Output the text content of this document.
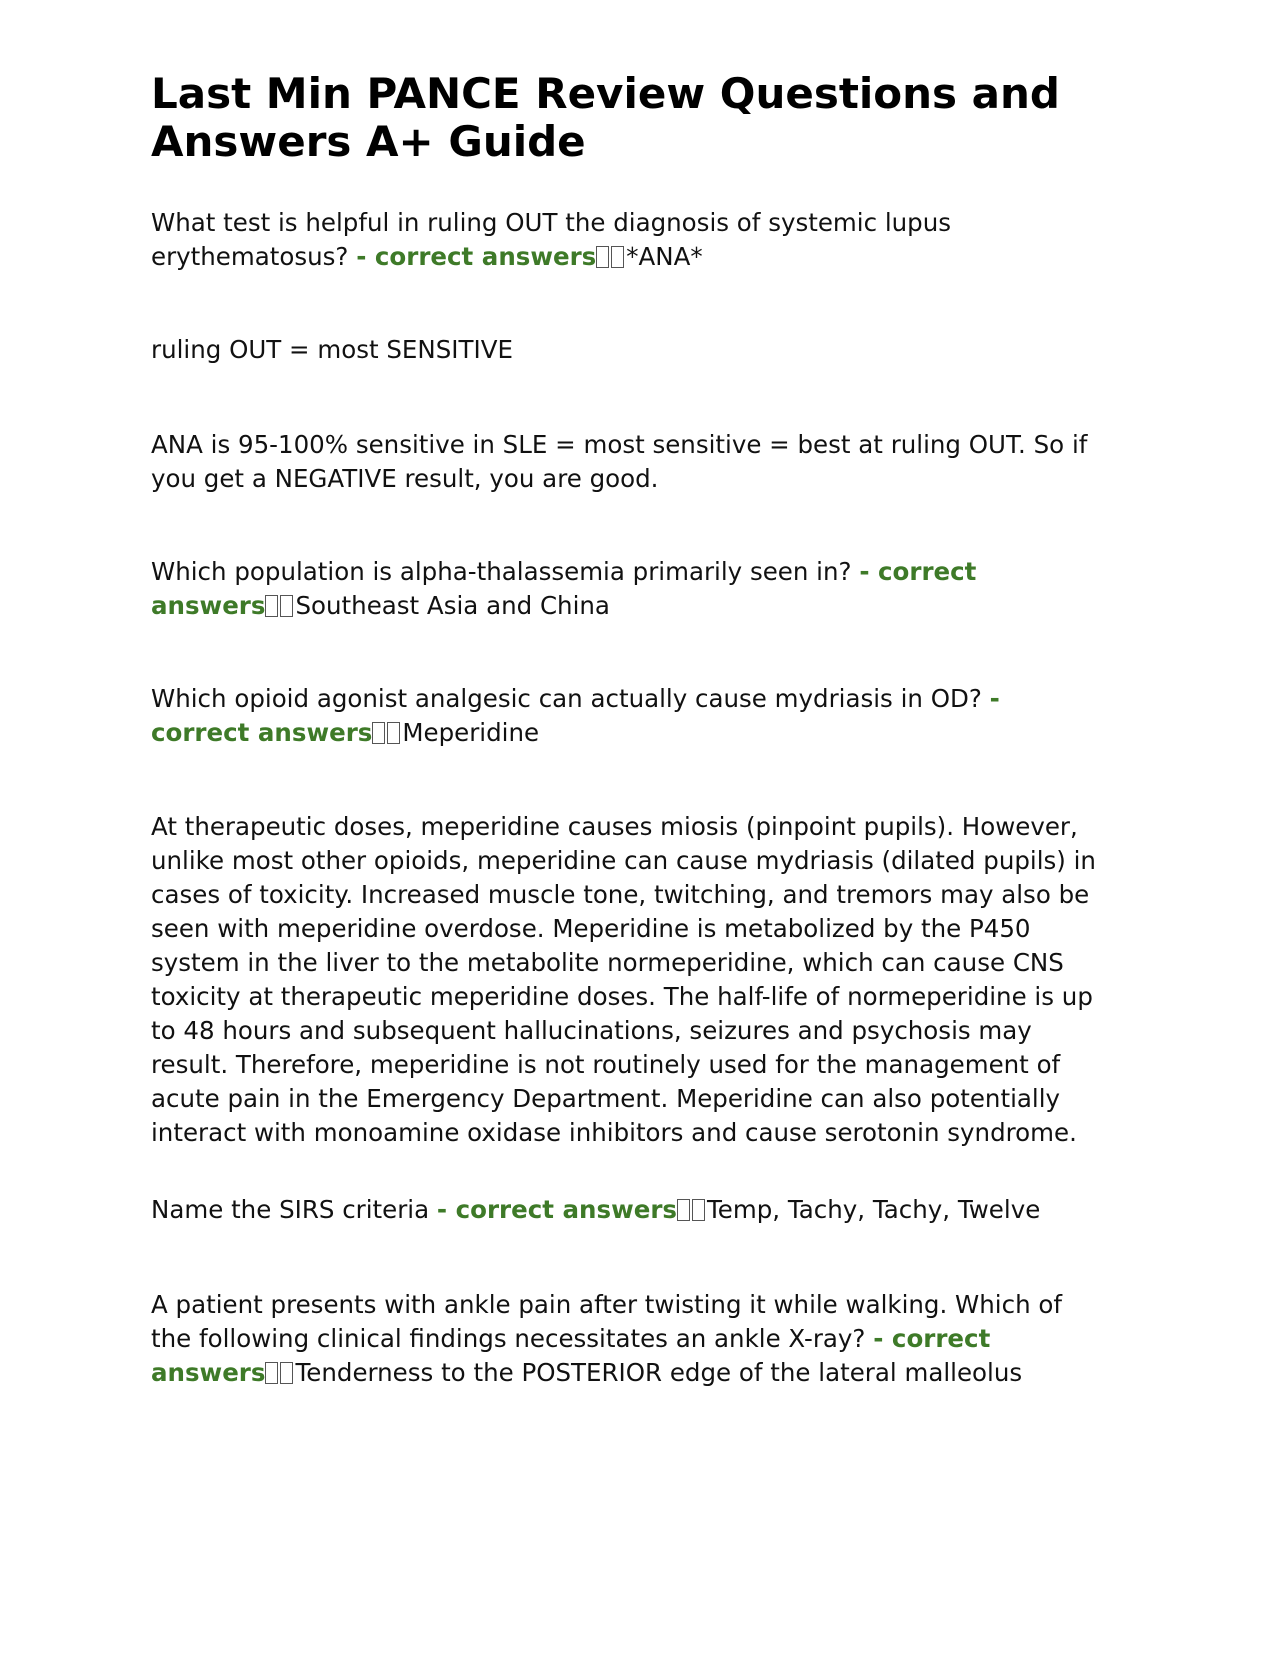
Last Min PANCE Review Questions and
Answers A+ Guide

What test is helpful in ruling OUT the diagnosis of systemic lupus
erythematosus? - correct answers *ANA*

ruling OUT = most SENSITIVE

ANA is 95-100% sensitive in SLE = most sensitive = best at ruling OUT. So if
you get a NEGATIVE result, you are good.

Which population is alpha-thalassemia primarily seen in? - correct
answers Southeast Asia and China

Which opioid agonist analgesic can actually cause mydriasis in OD? -
correct answers Meperidine

At therapeutic doses, meperidine causes miosis (pinpoint pupils). However,
unlike most other opioids, meperidine can cause mydriasis (dilated pupils) in
cases of toxicity. Increased muscle tone, twitching, and tremors may also be
seen with meperidine overdose. Meperidine is metabolized by the P450
system in the liver to the metabolite normeperidine, which can cause CNS
toxicity at therapeutic meperidine doses. The half-life of normeperidine is up
to 48 hours and subsequent hallucinations, seizures and psychosis may
result. Therefore, meperidine is not routinely used for the management of
acute pain in the Emergency Department. Meperidine can also potentially
interact with monoamine oxidase inhibitors and cause serotonin syndrome.

Name the SIRS criteria - correct answers Temp, Tachy, Tachy, Twelve

A patient presents with ankle pain after twisting it while walking. Which of
the following clinical findings necessitates an ankle X-ray? - correct
answers Tenderness to the POSTERIOR edge of the lateral malleolus
